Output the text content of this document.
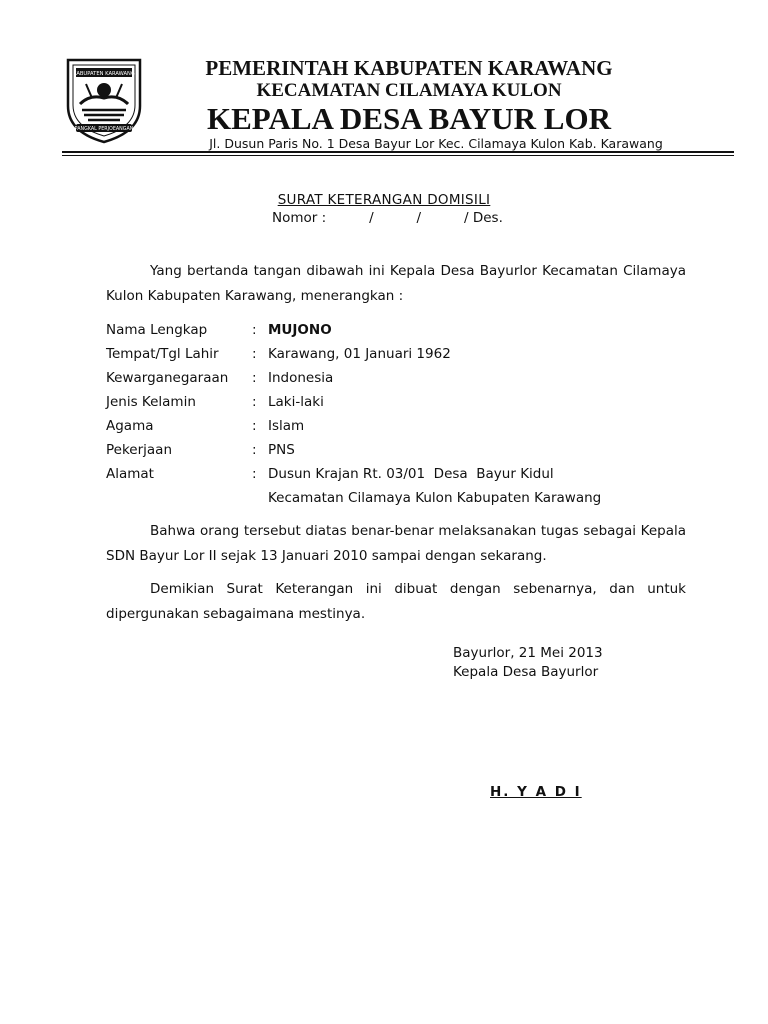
KABUPATEN KARAWANG
PANGKAL PERJOEANGAN
PEMERINTAH KABUPATEN KARAWANG
KECAMATAN CILAMAYA KULON
KEPALA DESA BAYUR LOR
Jl. Dusun Paris No. 1 Desa Bayur Lor Kec. Cilamaya Kulon Kab. Karawang
SURAT KETERANGAN DOMISILI
Nomor :          /          /          / Des.
Yang bertanda tangan dibawah ini Kepala Desa Bayurlor Kecamatan Cilamaya Kulon Kabupaten Karawang, menerangkan :
Nama Lengkap	: MUJONO
Tempat/Tgl Lahir : Karawang, 01 Januari 1962
Kewarganegaraan : Indonesia
Jenis Kelamin	: Laki-laki
Agama	: Islam
Pekerjaan	: PNS
Alamat	: Dusun Krajan Rt. 03/01  Desa  Bayur Kidul
Kecamatan Cilamaya Kulon Kabupaten Karawang
Bahwa orang tersebut diatas benar-benar melaksanakan tugas sebagai Kepala SDN Bayur Lor II sejak 13 Januari 2010 sampai dengan sekarang.
Demikian Surat Keterangan ini dibuat dengan sebenarnya, dan untuk dipergunakan sebagaimana mestinya.
Bayurlor, 21 Mei 2013
Kepala Desa Bayurlor
H. Y A D I
